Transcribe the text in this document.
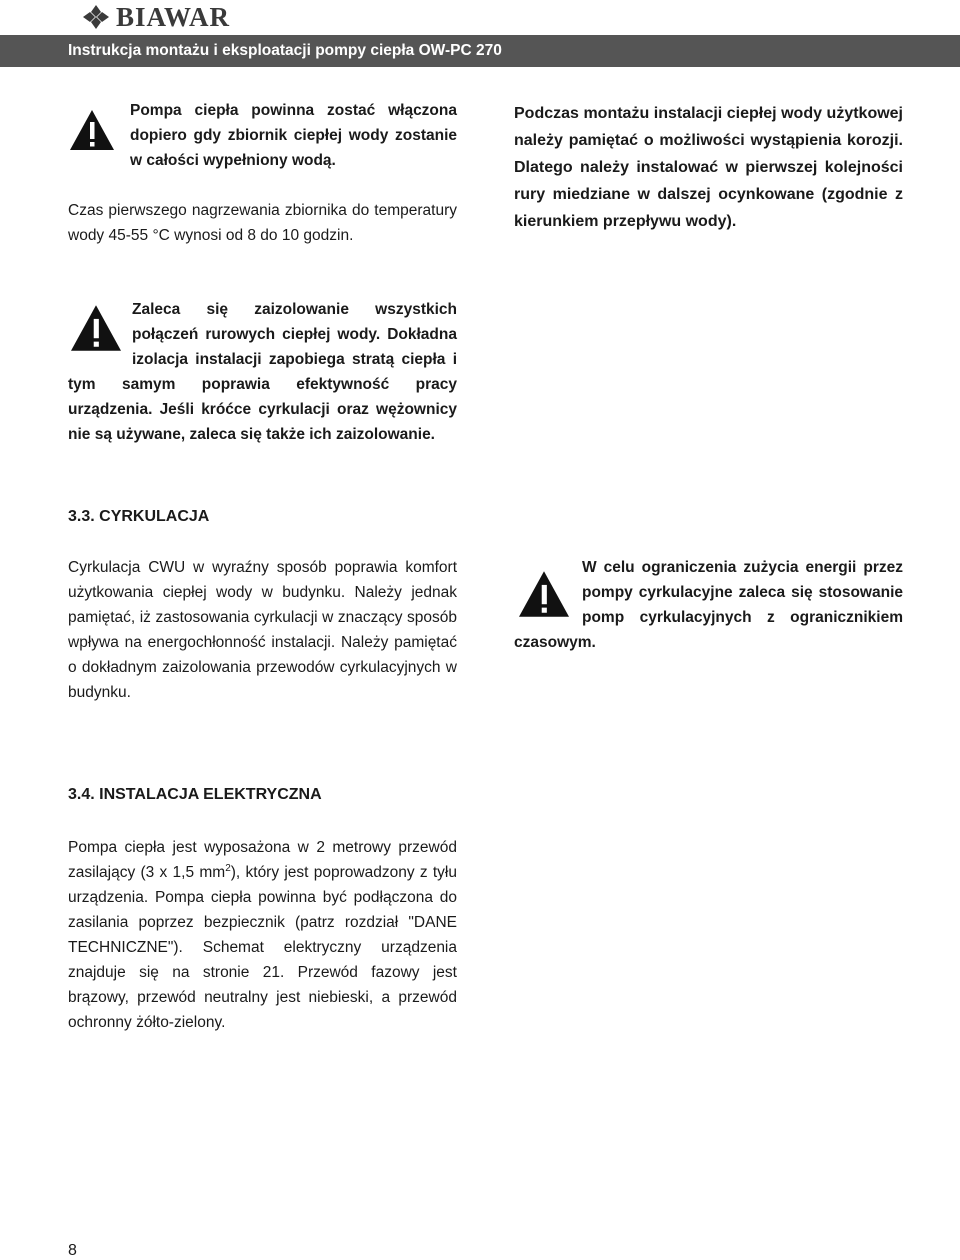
BIAWAR
Instrukcja montażu i eksploatacji pompy ciepła OW-PC 270
Pompa ciepła powinna zostać włączona dopiero gdy zbiornik ciepłej wody zostanie w całości wypełniony wodą.
Czas pierwszego nagrzewania zbiornika do temperatury wody 45-55 °C wynosi od 8 do 10 godzin.
Podczas montażu instalacji ciepłej wody użytkowej należy pamiętać o możliwości wystąpienia korozji. Dlatego należy instalować w pierwszej kolejności rury miedziane w dalszej ocynkowane (zgodnie z kierunkiem przepływu wody).
Zaleca się zaizolowanie wszystkich połączeń rurowych ciepłej wody. Dokładna izolacja instalacji zapobiega stratą ciepła i tym samym poprawia efektywność pracy urządzenia. Jeśli króćce cyrkulacji oraz wężownicy nie są używane, zaleca się także ich zaizolowanie.
3.3. CYRKULACJA
Cyrkulacja CWU w wyraźny sposób poprawia komfort użytkowania ciepłej wody w budynku. Należy jednak pamiętać, iż zastosowania cyrkulacji w znaczący sposób wpływa na energochłonność instalacji. Należy pamiętać o dokładnym zaizolowania przewodów cyrkulacyjnych w budynku.
W celu ograniczenia zużycia energii przez pompy cyrkulacyjne zaleca się stosowanie pomp cyrkulacyjnych z ogranicznikiem czasowym.
3.4. INSTALACJA ELEKTRYCZNA
Pompa ciepła jest wyposażona w 2 metrowy przewód zasilający (3 x 1,5 $mm^2$), który jest poprowadzony z tyłu urządzenia. Pompa ciepła powinna być podłączona do zasilania poprzez bezpiecznik (patrz rozdział "DANE TECHNICZNE"). Schemat elektryczny urządzenia znajduje się na stronie 21. Przewód fazowy jest brązowy, przewód neutralny jest niebieski, a przewód ochronny żółto-zielony.
8
